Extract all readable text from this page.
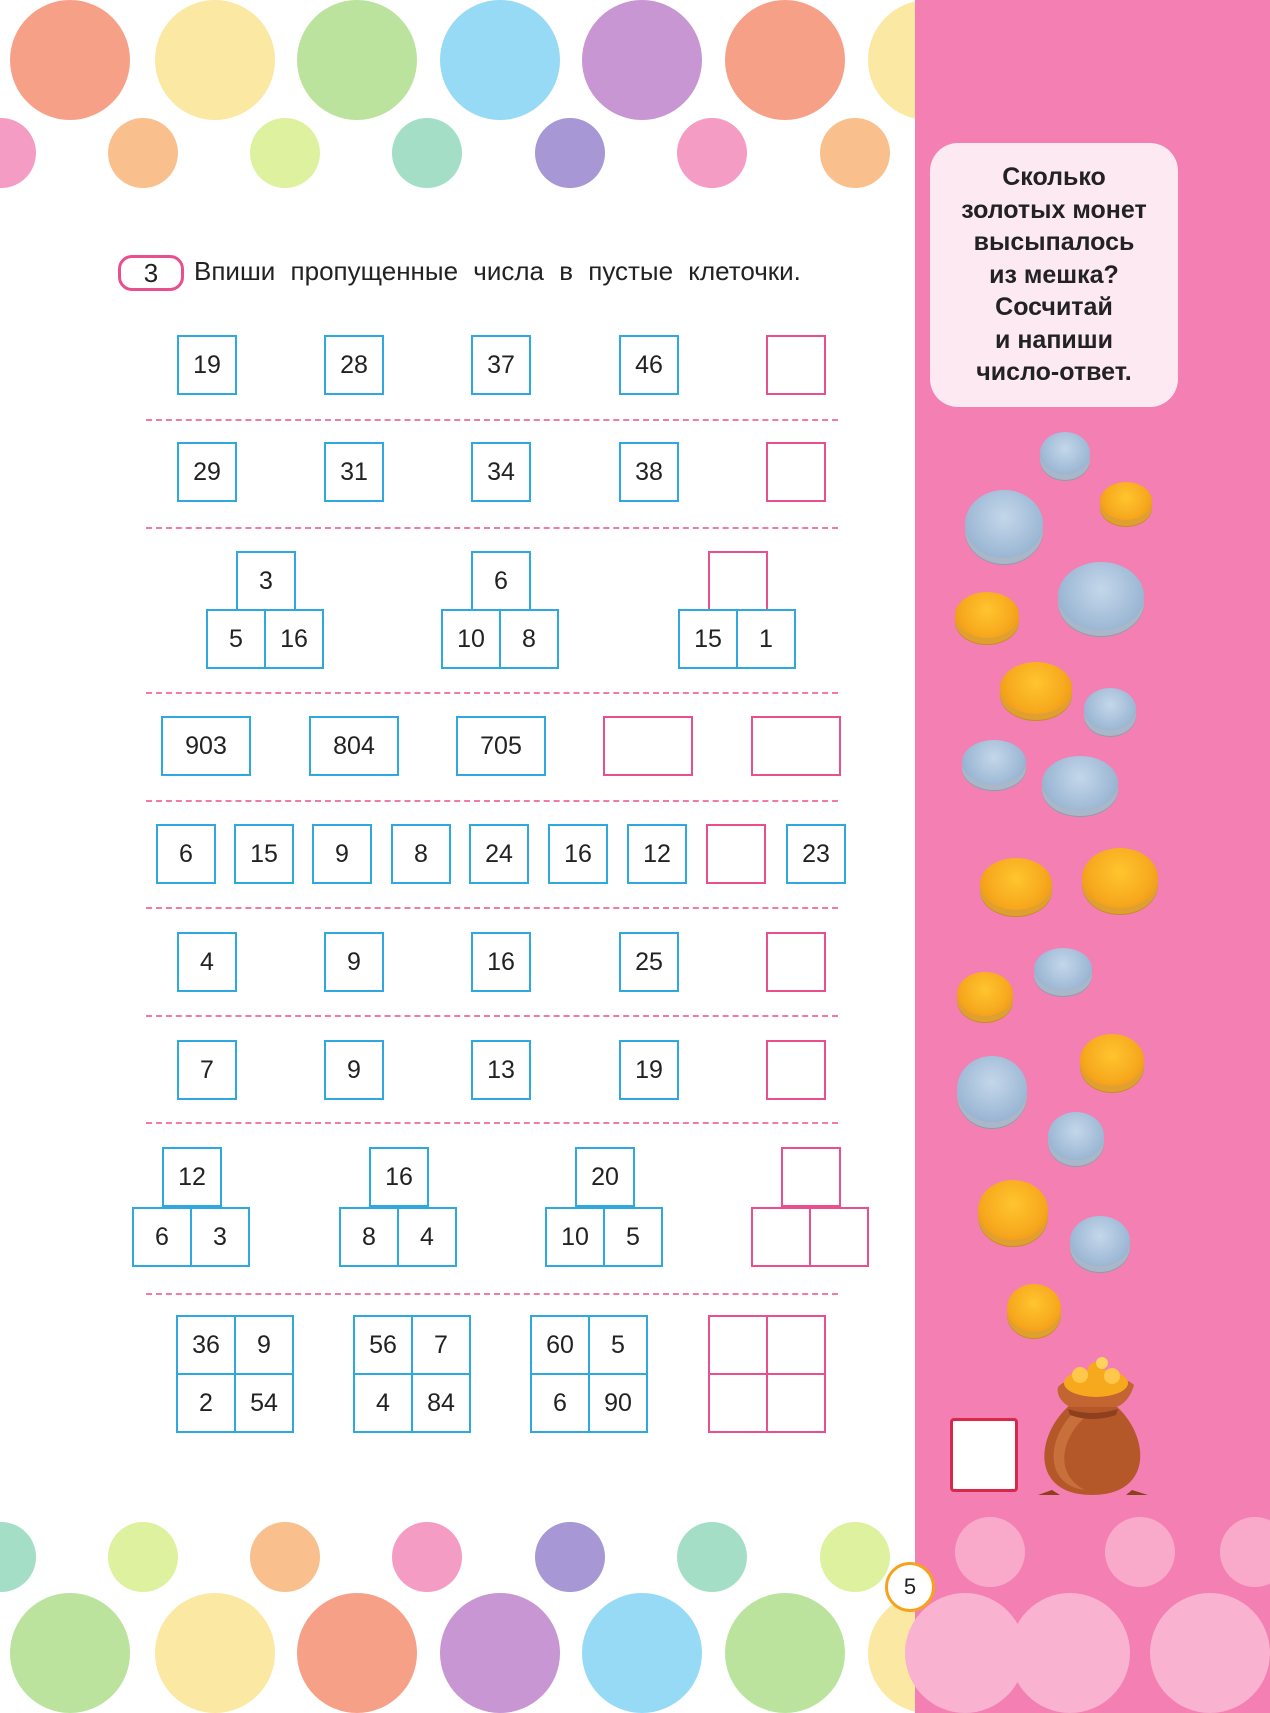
Сколько
золотых монет
высыпалось
из мешка?
Сосчитай
и напиши
число-ответ.
3	Впиши пропущенные числа в пустые клеточки.
19	28	37	46
29	31	34	38
3
5	16
6
10	8	15	1
903	804	705
6	15	9	8	24	16	12	23
4	9	16	25
7	9	13	19
12
6	3
16
8	4
20
10	5
36	9
2	54
56	7
4	84
60	5
6	90
5
